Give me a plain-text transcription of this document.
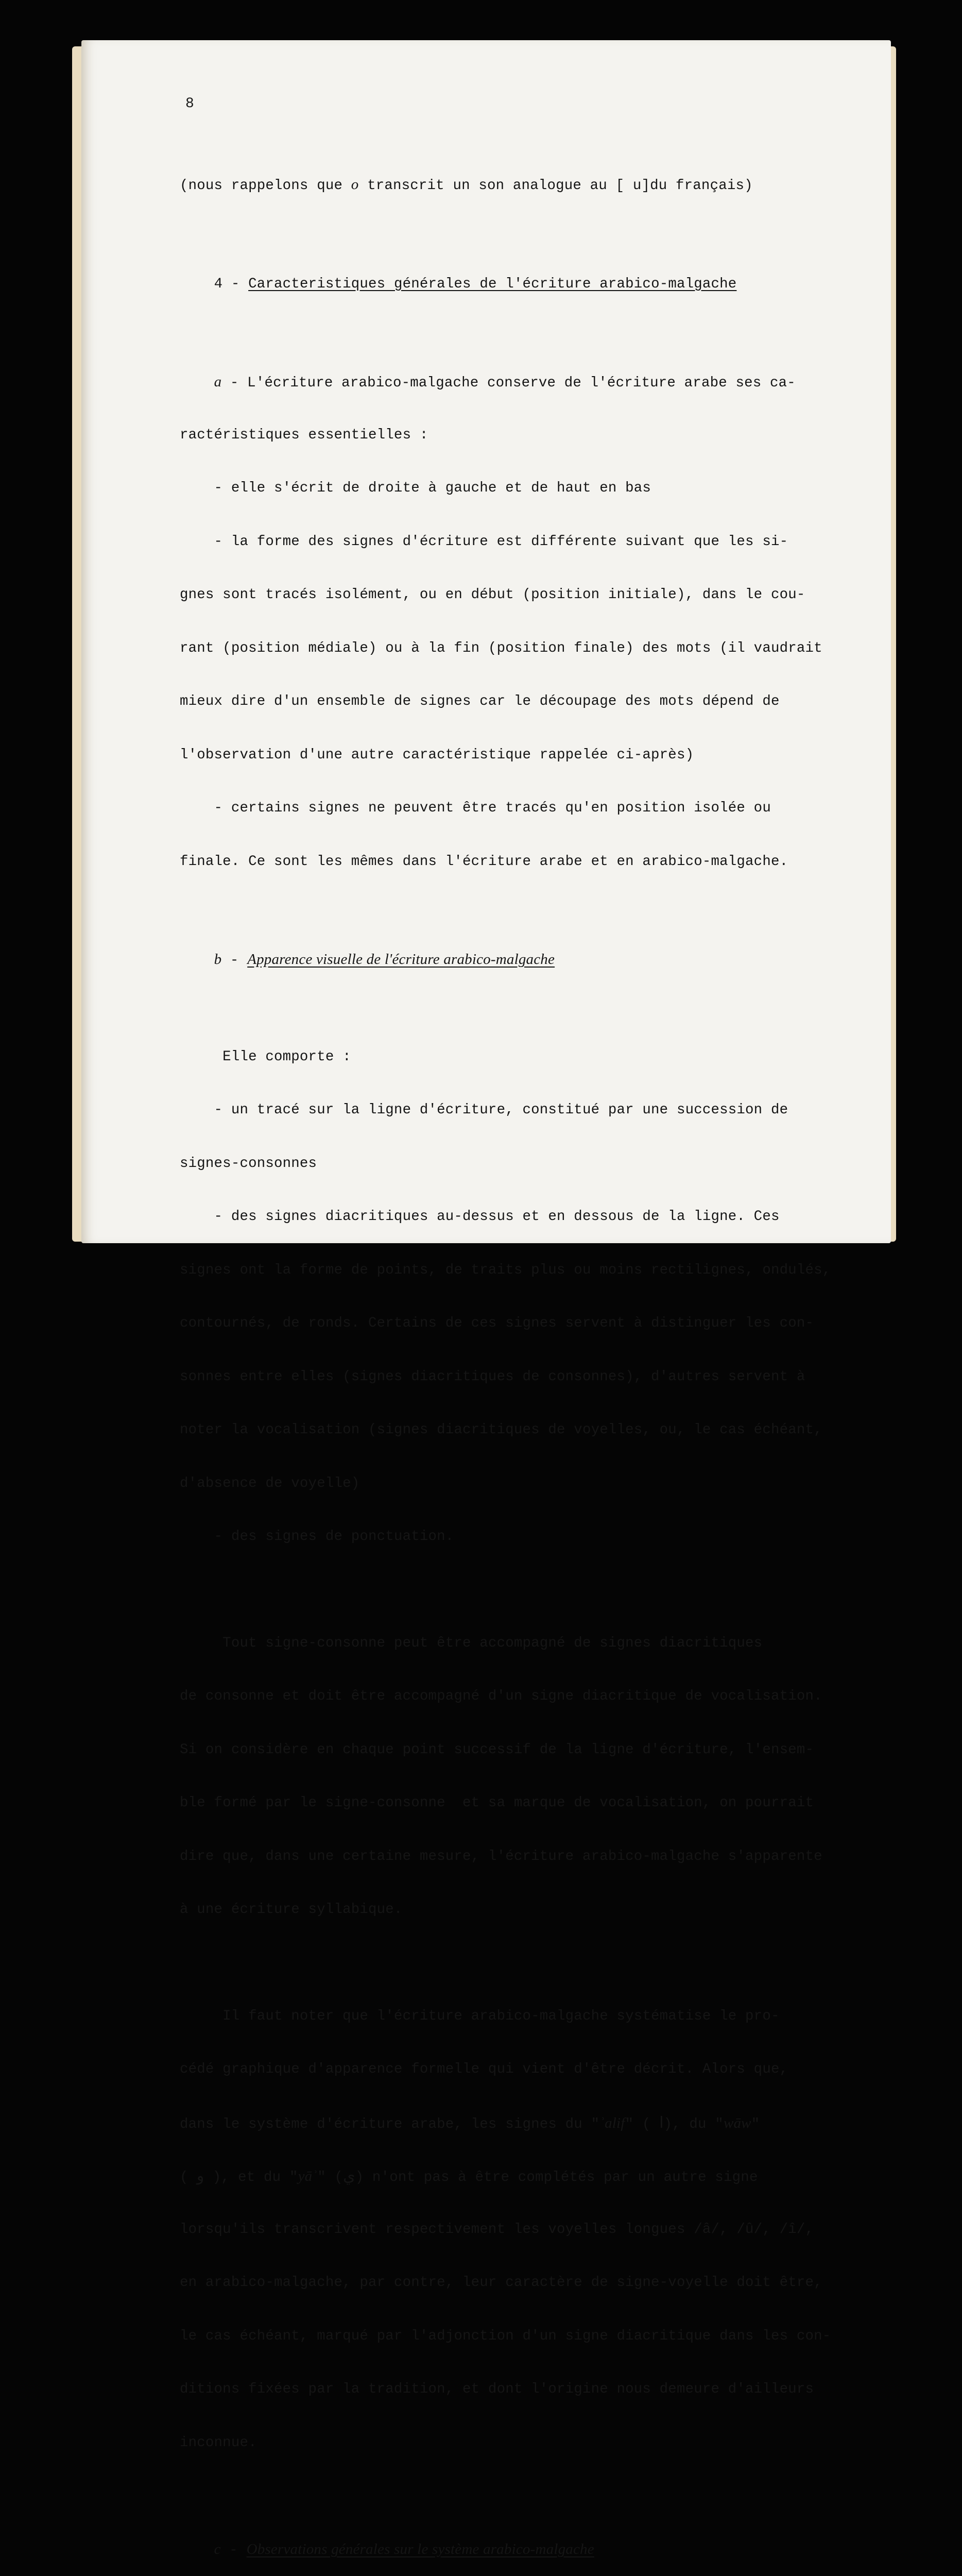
8

(nous rappelons que o transcrit un son analogue au [ u]du français)

4 - Caracteristiques générales de l'écriture arabico-malgache

a - L'écriture arabico-malgache conserve de l'écriture arabe ses ca-

ractéristiques essentielles :

- elle s'écrit de droite à gauche et de haut en bas

- la forme des signes d'écriture est différente suivant que les si-

gnes sont tracés isolément, ou en début (position initiale), dans le cou-

rant (position médiale) ou à la fin (position finale) des mots (il vaudrait

mieux dire d'un ensemble de signes car le découpage des mots dépend de

l'observation d'une autre caractéristique rappelée ci-après)

- certains signes ne peuvent être tracés qu'en position isolée ou

finale. Ce sont les mêmes dans l'écriture arabe et en arabico-malgache.

b - Apparence visuelle de l'écriture arabico-malgache

Elle comporte :

- un tracé sur la ligne d'écriture, constitué par une succession de

signes-consonnes

- des signes diacritiques au-dessus et en dessous de la ligne. Ces

signes ont la forme de points, de traits plus ou moins rectilignes, ondulés,

contournés, de ronds. Certains de ces signes servent à distinguer les con-

sonnes entre elles (signes diacritiques de consonnes), d'autres servent à

noter la vocalisation (signes diacritiques de voyelles, ou, le cas échéant,

d'absence de voyelle)

- des signes de ponctuation.

Tout signe-consonne peut être accompagné de signes diacritiques

de consonne et doit être accompagné d'un signe diacritique de vocalisation.

Si on considère en chaque point successif de la ligne d'écriture, l'ensem-

ble formé par le signe-consonne  et sa marque de vocalisation, on pourrait

dire que, dans une certaine mesure, l'écriture arabico-malgache s'apparente

à une écriture syllabique.

Il faut noter que l'écriture arabico-malgache systématise le pro-

cédé graphique d'apparence formelle qui vient d'être décrit. Alors que,

dans le système d'écriture arabe, les signes du "ʾalif" ( ا), du "wāw"

( و ), et du "yāʾ" (ي) n'ont pas à être complétés par un autre signe

lorsqu'ils transcrivent respectivement les voyelles longues /â/, /û/, /î/,

en arabico-malgache, par contre, leur caractère de signe-voyelle doit être,

le cas échéant, marqué par l'adjonction d'un signe diacritique dans les con-

ditions fixées par la tradition, et dont l'origine nous demeure d'ailleurs

inconnue.

c - Observations générales sur le système arabico-malgache
